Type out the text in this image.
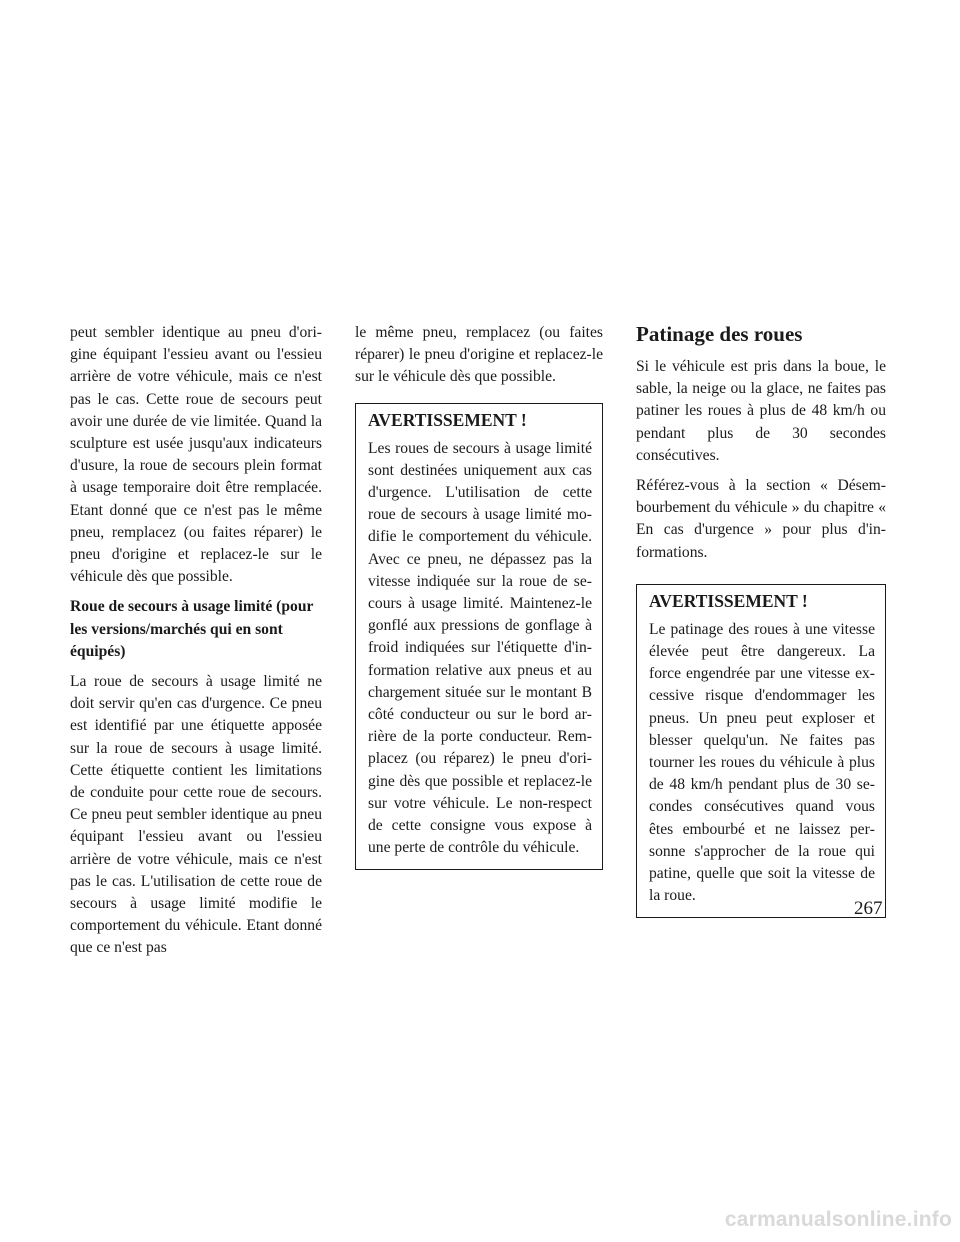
peut sembler identique au pneu d'origine équipant l'essieu avant ou l'essieu arrière de votre véhicule, mais ce n'est pas le cas. Cette roue de secours peut avoir une durée de vie limitée. Quand la sculpture est usée jusqu'aux indicateurs d'usure, la roue de secours plein format à usage temporaire doit être remplacée. Etant donné que ce n'est pas le même pneu, remplacez (ou faites réparer) le pneu d'origine et replacez-le sur le véhicule dès que possible.

Roue de secours à usage limité (pour les versions/marchés qui en sont équipés)

La roue de secours à usage limité ne doit servir qu'en cas d'urgence. Ce pneu est identifié par une étiquette apposée sur la roue de secours à usage limité. Cette étiquette contient les limitations de conduite pour cette roue de secours. Ce pneu peut sembler identique au pneu équipant l'essieu avant ou l'essieu arrière de votre véhicule, mais ce n'est pas le cas. L'utilisation de cette roue de secours à usage limité modifie le comportement du véhicule. Etant donné que ce n'est pas

le même pneu, remplacez (ou faites réparer) le pneu d'origine et replacez-le sur le véhicule dès que possible.

AVERTISSEMENT !

Les roues de secours à usage limité sont destinées uniquement aux cas d'urgence. L'utilisation de cette roue de secours à usage limité modifie le comportement du véhicule. Avec ce pneu, ne dépassez pas la vitesse indiquée sur la roue de secours à usage limité. Maintenez-le gonflé aux pressions de gonflage à froid indiquées sur l'étiquette d'information relative aux pneus et au chargement située sur le montant B côté conducteur ou sur le bord arrière de la porte conducteur. Remplacez (ou réparez) le pneu d'origine dès que possible et replacez-le sur votre véhicule. Le non-respect de cette consigne vous expose à une perte de contrôle du véhicule.

Patinage des roues

Si le véhicule est pris dans la boue, le sable, la neige ou la glace, ne faites pas patiner les roues à plus de 48 km/h ou pendant plus de 30 secondes consécutives.

Référez-vous à la section « Désembourbement du véhicule » du chapitre « En cas d'urgence » pour plus d'informations.

AVERTISSEMENT !

Le patinage des roues à une vitesse élevée peut être dangereux. La force engendrée par une vitesse excessive risque d'endommager les pneus. Un pneu peut exploser et blesser quelqu'un. Ne faites pas tourner les roues du véhicule à plus de 48 km/h pendant plus de 30 secondes consécutives quand vous êtes embourbé et ne laissez personne s'approcher de la roue qui patine, quelle que soit la vitesse de la roue.

267
carmanualsonline.info
